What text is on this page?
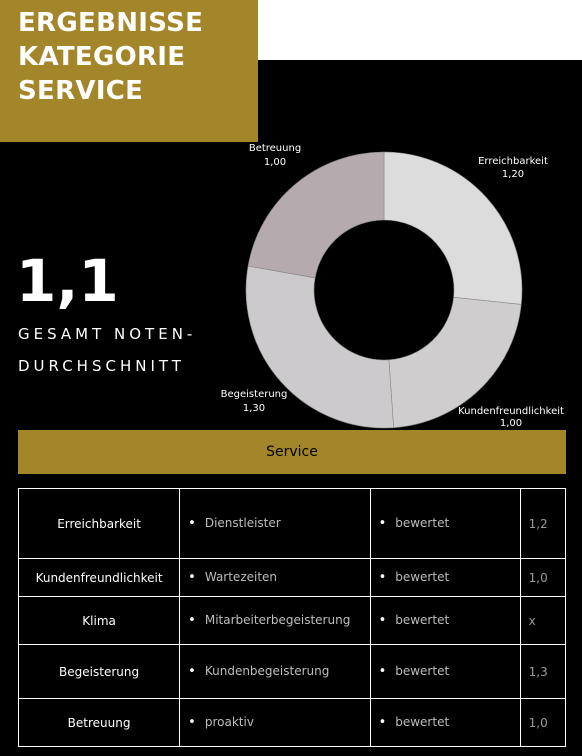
ERGEBNISSE
KATEGORIE
SERVICE
Erreichbarkeit
1,20
Kundenfreundlichkeit
1,00
Begeisterung
1,30
Betreuung
1,00
1,1
GESAMT NOTEN-
DURCHSCHNITT
Service
Erreichbarkeit	• Dienstleister	• bewertet	1,2
Kundenfreundlichkeit	• Wartezeiten	• bewertet	1,0
Klima	• Mitarbeiterbegeisterung	• bewertet	x
Begeisterung	• Kundenbegeisterung	• bewertet	1,3
Betreuung	• proaktiv	• bewertet	1,0
